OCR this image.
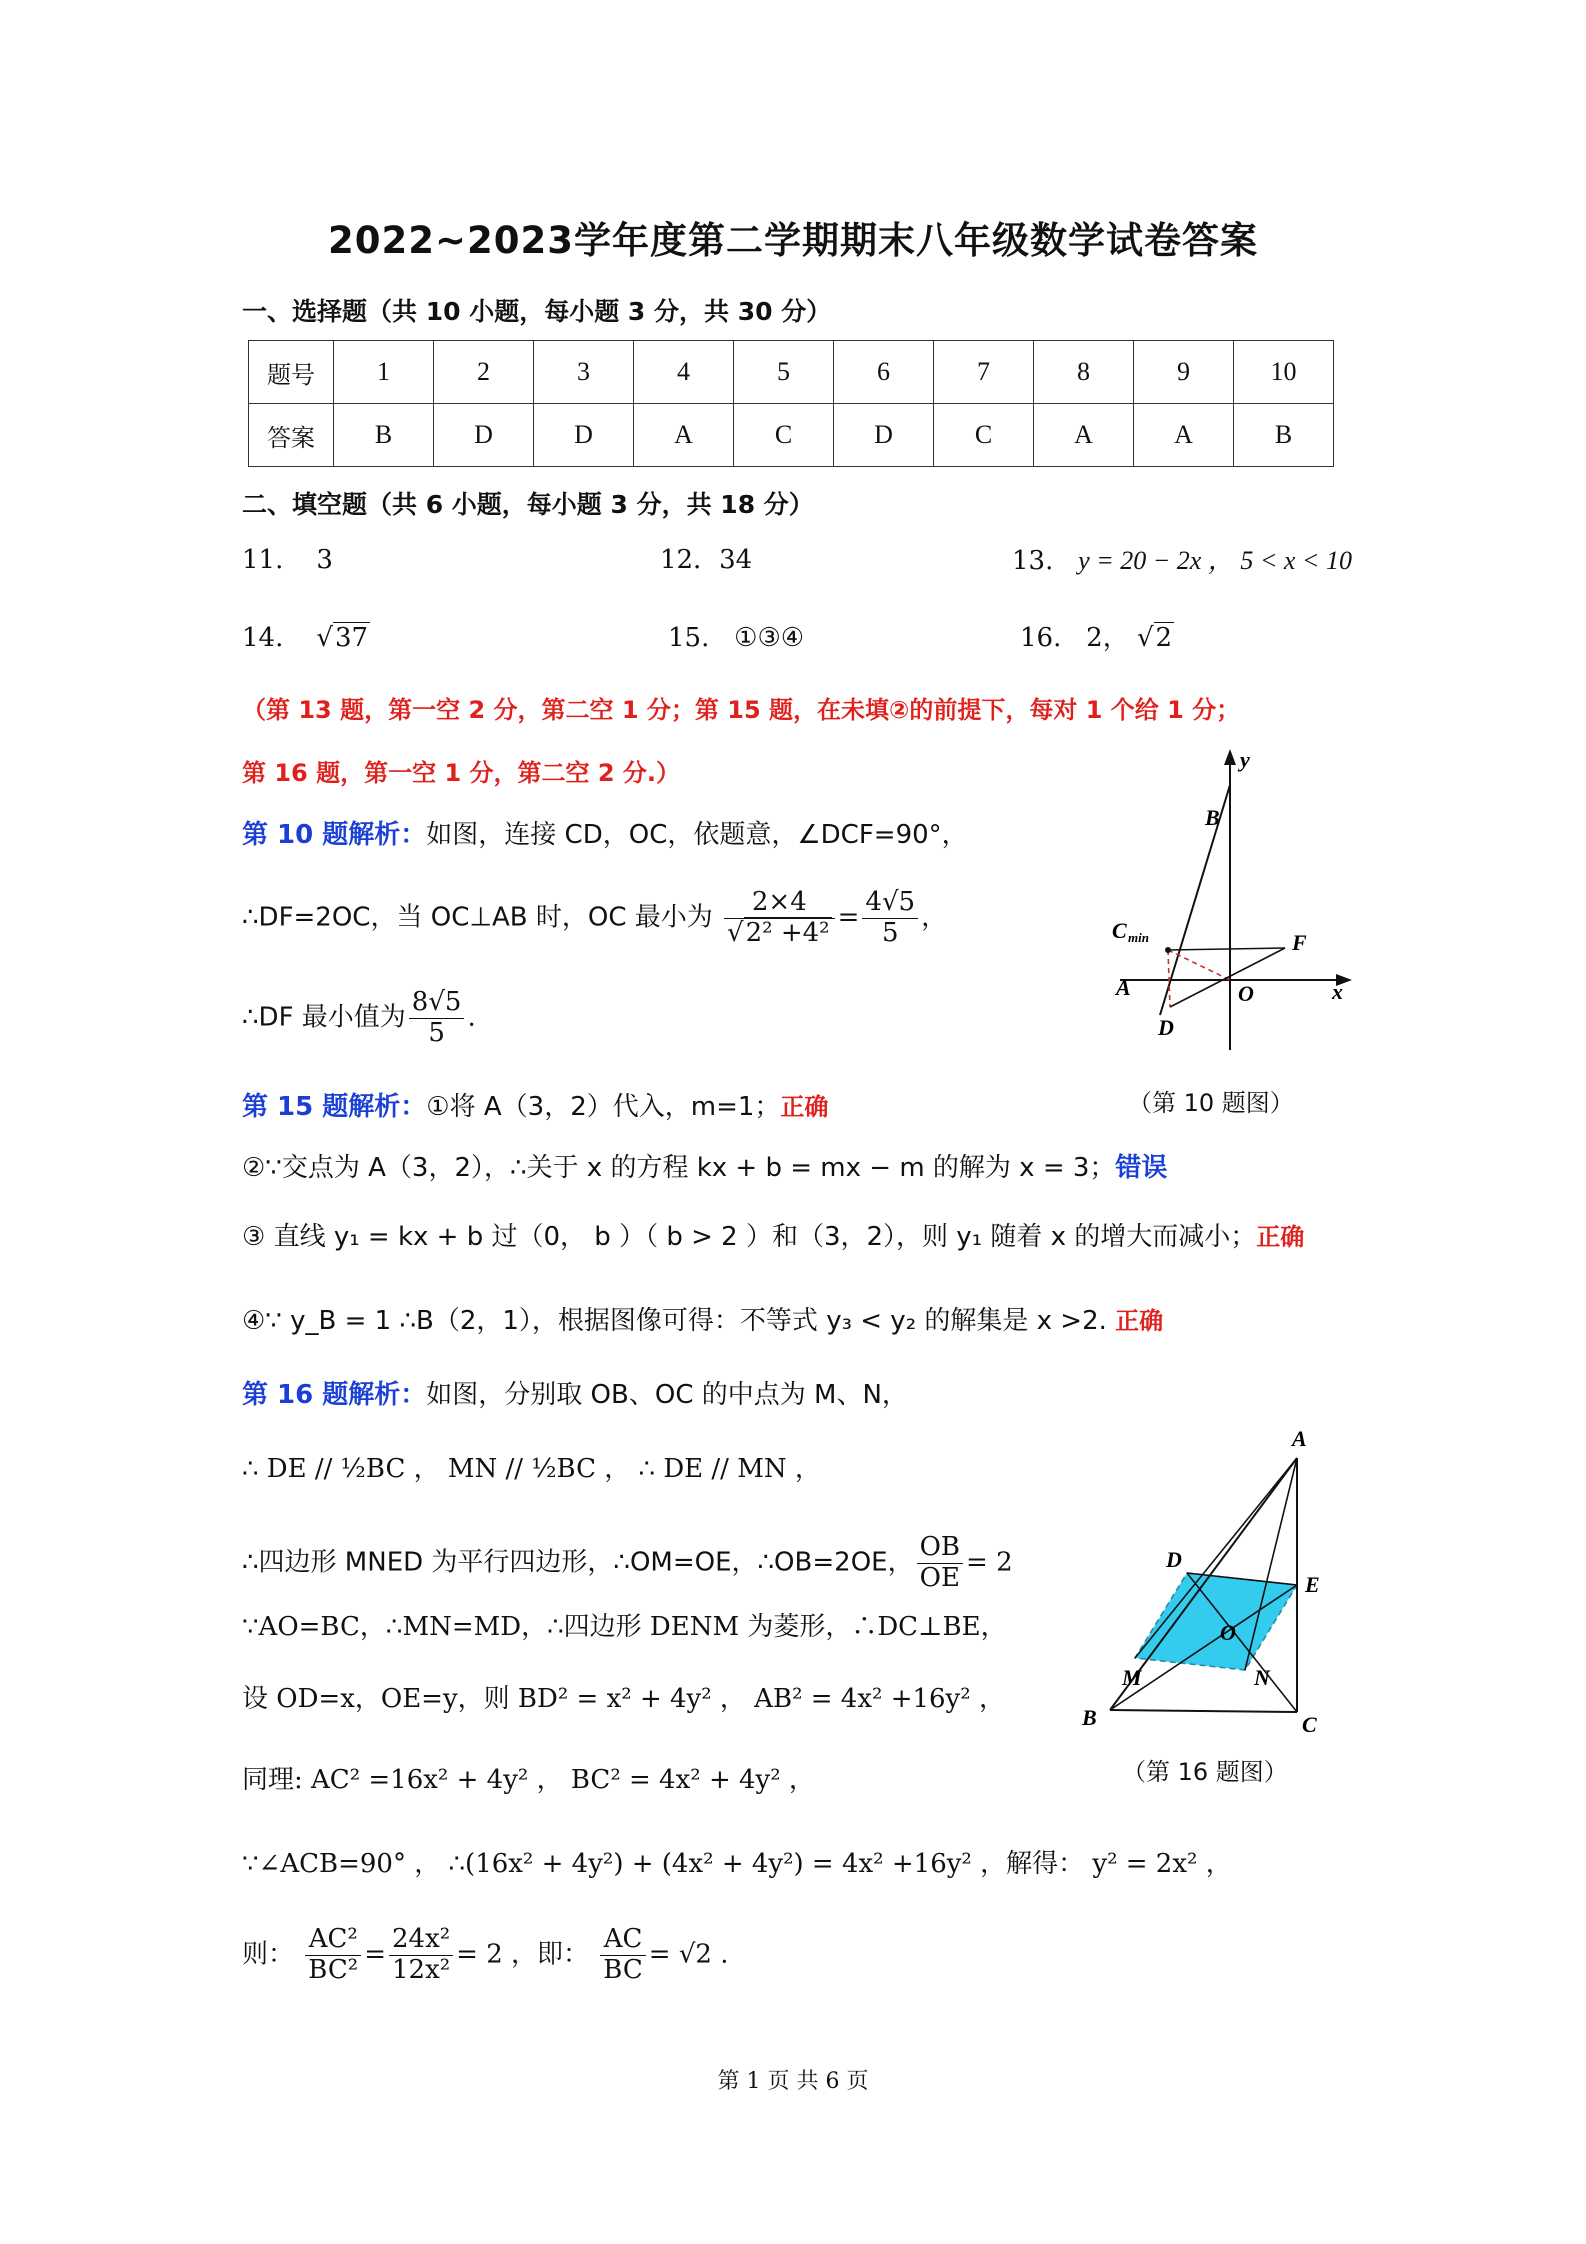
2022~2023学年度第二学期期末八年级数学试卷答案
一、选择题（共 10 小题，每小题 3 分，共 30 分）
题号	1	2	3	4	5	6	7	8	9	10
答案	B	D	D	A	C	D	C	A	A	B
二、填空题（共 6 小题，每小题 3 分，共 18 分）
11. 3	12．34	13. y = 20 − 2x ， 5 < x < 10
14.    √37	15. ①③④	16. 2， √2
（第 13 题，第一空 2 分，第二空 1 分；第 15 题，在未填②的前提下，每对 1 个给 1 分；
第 16 题，第一空 1 分，第二空 2 分.）
第 10 题解析：如图，连接 CD，OC，依题意，∠DCF=90°，
∴DF=2OC，当 OC⊥AB 时，OC 最小为 $\frac{2\times 4}{\text{√2² +4²}} = \frac{4√5}{5}$ ，
∴DF 最小值为 $\frac{8√5}{5}$ .
y
B
C min	F
A	O	x
D
（第 10 题图）
第 15 题解析：①将 A（3，2）代入，m=1；正确
②∵交点为 A（3，2），∴关于 x 的方程 kx + b = mx − m 的解为 x = 3；错误
③ 直线 y₁ = kx + b 过（0， b ）（ b > 2 ）和（3，2），则 y₁ 随着 x 的增大而减小；正确
④∵ y_B = 1 ∴B（2，1），根据图像可得：不等式 y₃ < y₂ 的解集是 x >2. 正确
第 16 题解析：如图，分别取 OB、OC 的中点为 M、N，
∴ DE // ½BC ， MN // ½BC ， ∴ DE // MN ，
∴四边形 MNED 为平行四边形，∴OM=OE，∴OB=2OE， $\frac{OB}{OE} = 2$
∵AO=BC，∴MN=MD，∴四边形 DENM 为菱形，∴DC⊥BE，
设 OD=x，OE=y，则 BD² = x² + 4y² ， AB² = 4x² +16y² ，
同理: AC² =16x² + 4y² ， BC² = 4x² + 4y² ，
∵∠ACB=90° ， ∴(16x² + 4y²) + (4x² + 4y²) = 4x² +16y² ，解得： y² = 2x² ，
则： $\frac{\text{AC²}}{\text{BC²}} = \frac{\text{24x²}}{\text{12x²}} = 2$ ，即： $\frac{AC}{BC} = √2$ .
A
D
E
O
M	N
B	C
（第 16 题图）
第 1 页 共 6 页
